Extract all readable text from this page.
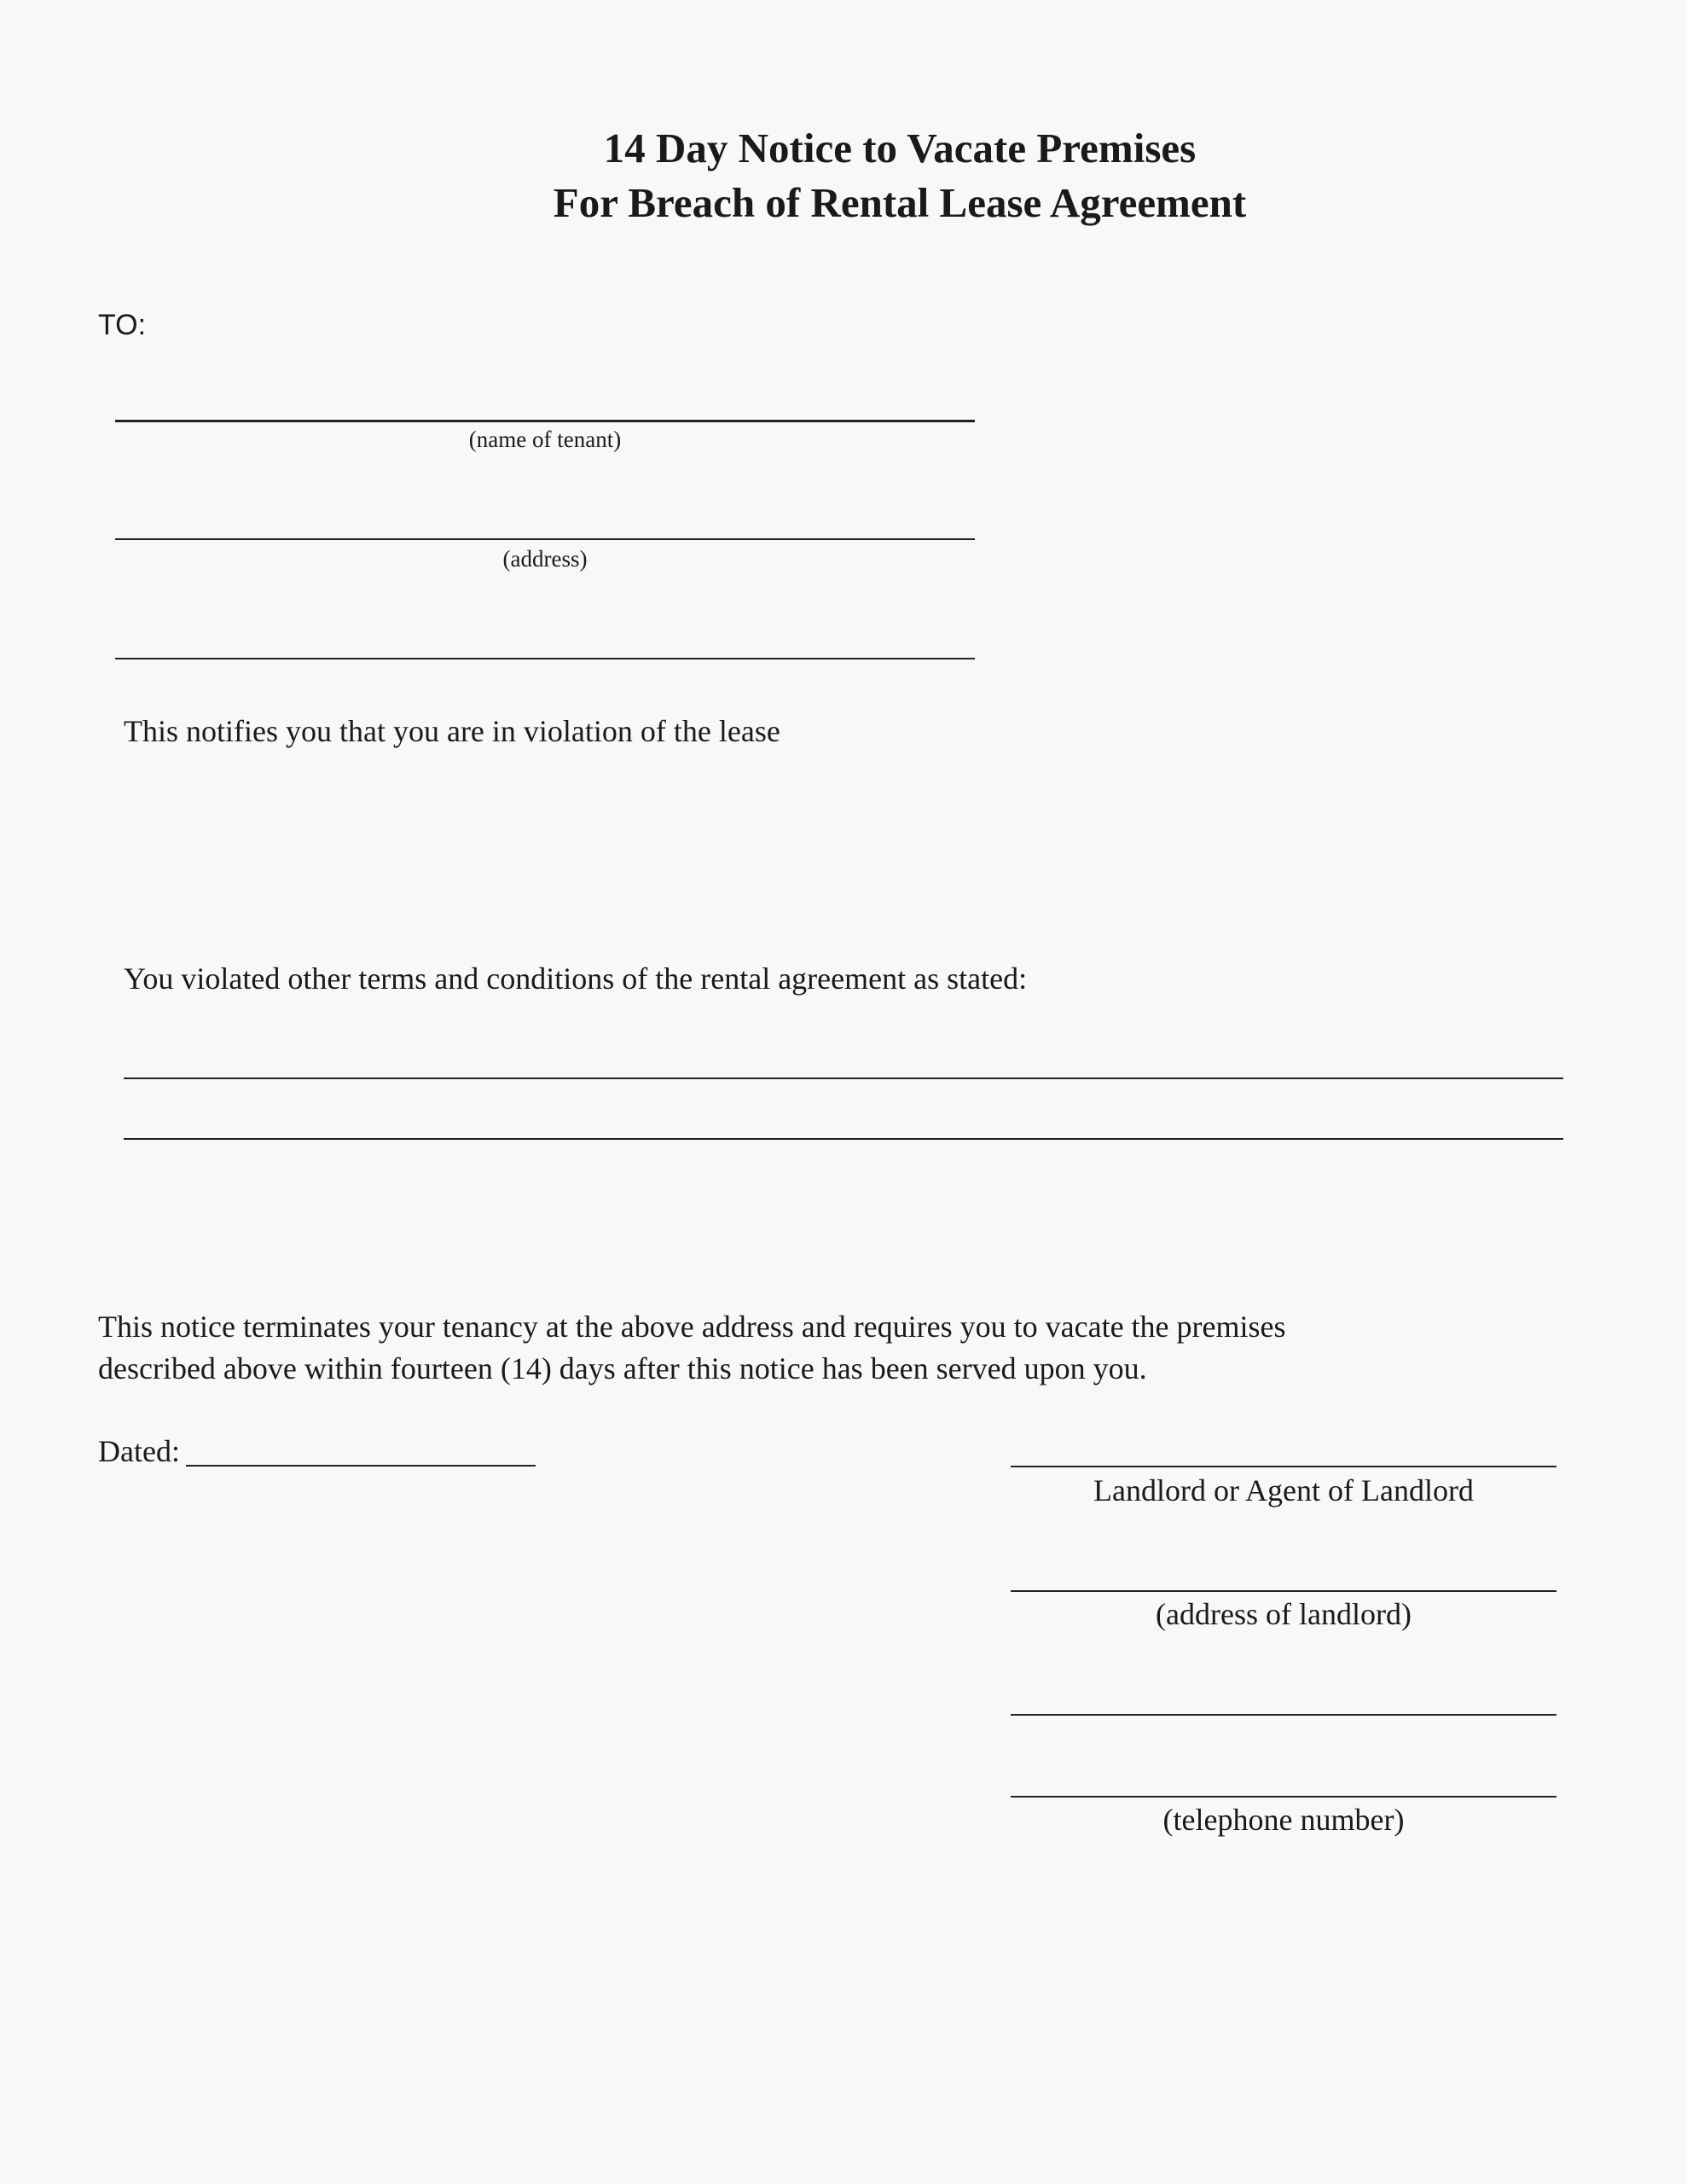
14 Day Notice to Vacate Premises
For Breach of Rental Lease Agreement
TO:
(name of tenant)
(address)
This notifies you that you are in violation of the lease
You violated other terms and conditions of the rental agreement as stated:
This notice terminates your tenancy at the above address and requires you to vacate the premises
described above within fourteen (14) days after this notice has been served upon you.
Dated:
Landlord or Agent of Landlord
(address of landlord)
(telephone number)
